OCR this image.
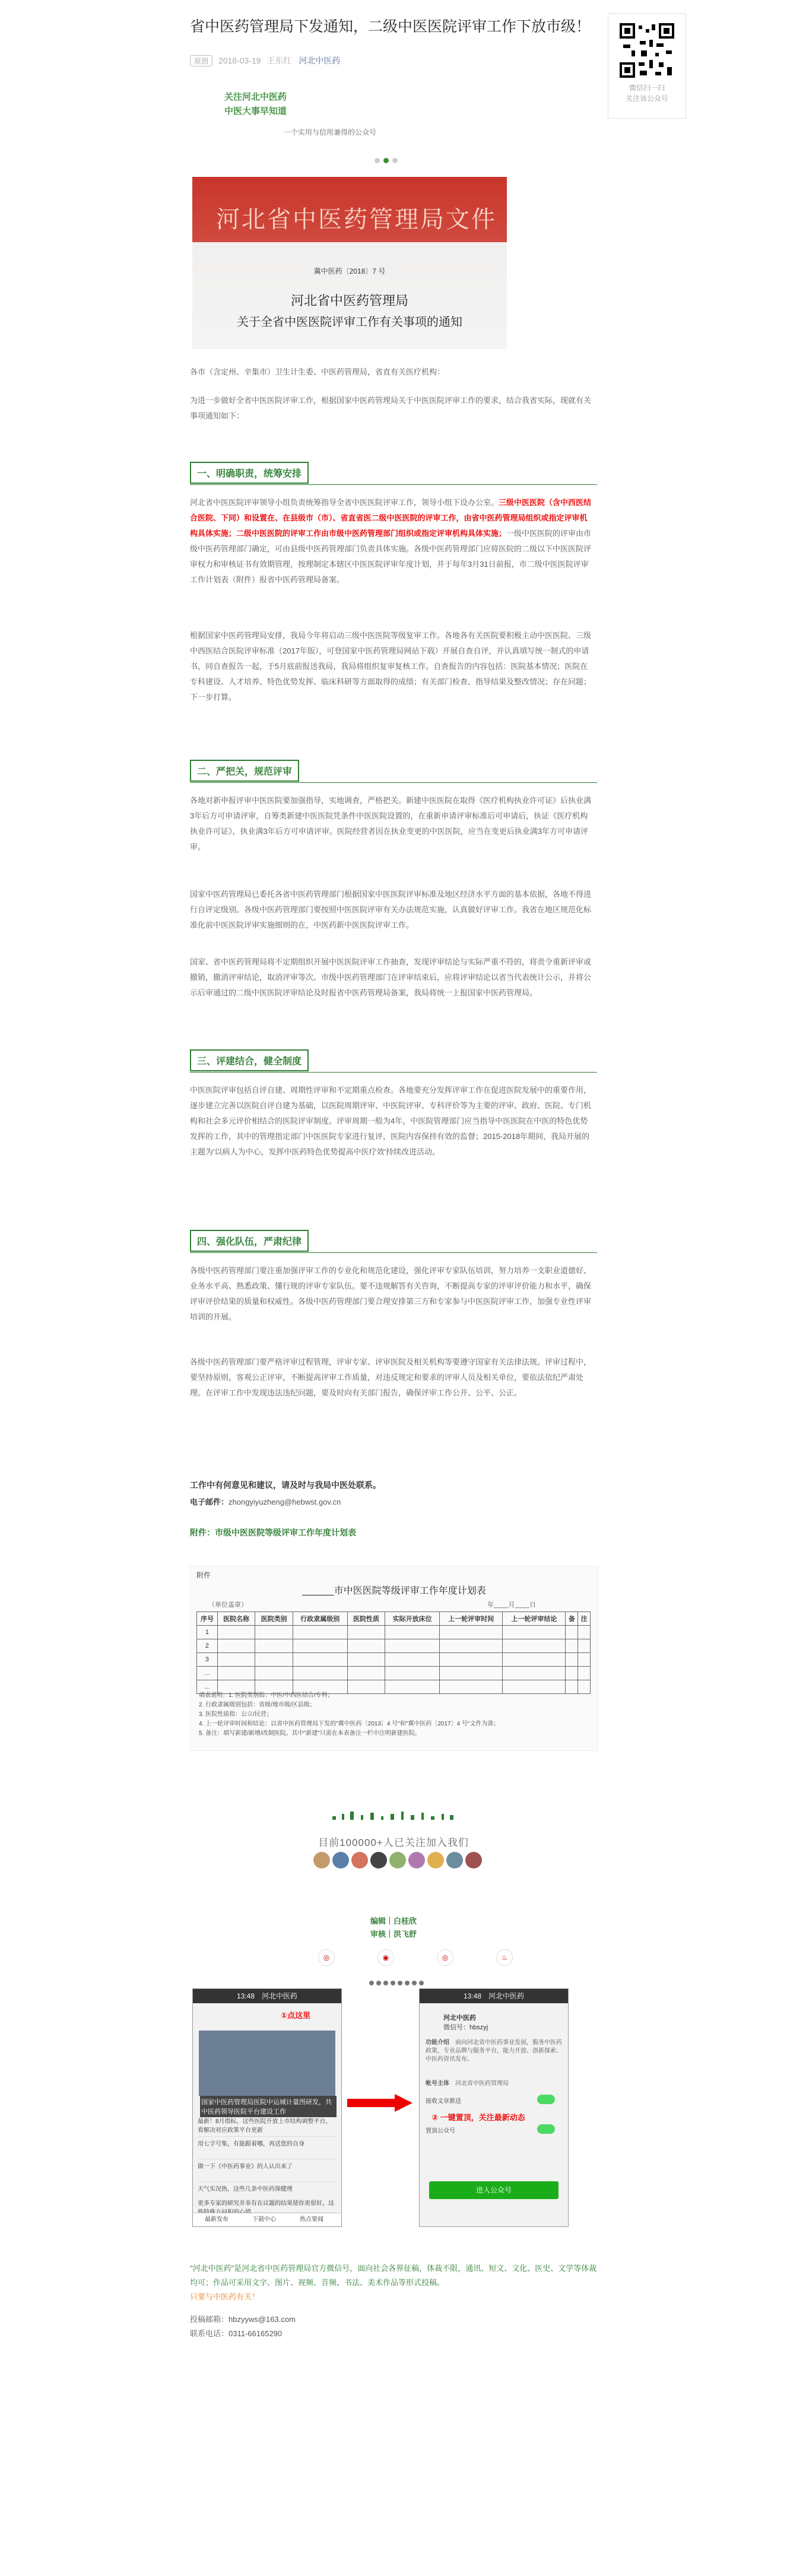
省中医药管理局下发通知，二级中医医院评审工作下放市级！
原创 2018-03-19 王东红 河北中医药
微信扫一扫
关注该公众号
关注河北中医药
中医大事早知道
一个实用与信用兼得的公众号
河北省中医药管理局文件
冀中医药〔2018〕7 号
河北省中医药管理局
关于全省中医医院评审工作有关事项的通知

各市（含定州、辛集市）卫生计生委、中医药管理局，省直有关医疗机构：

为进一步做好全省中医医院评审工作，根据国家中医药管理局关于中医医院评审工作的要求，结合我省实际，现就有关事项通知如下：

一、明确职责，统筹安排

河北省中医医院评审领导小组负责统筹指导全省中医医院评审工作，领导小组下设办公室。三级中医医院（含中西医结合医院、下同）和设置在、在县级市（市）、省直省医二级中医医院的评审工作，由省中医药管理局组织或指定评审机构具体实施；二级中医医院的评审工作由市级中医药管理部门组织或指定评审机构具体实施；一级中医医院的评审由市级中医药管理部门确定，可由县级中医药管理部门负责具体实施。各级中医药管理部门应将医院的二级以下中医医院评审权力和审核证书有效期管理，按理制定本辖区中医医院评审年度计划，并于每年3月31日前报，市二级中医医院评审工作计划表（附件）报省中医药管理局备案。

根据国家中医药管理局安排，我局今年将启动三级中医医院等级复审工作。各地各有关医院要积极主动中医医院、三级中西医结合医院评审标准（2017年版），可登国家中医药管理局网站下载）开展自查自评，并认真填写统一制式的申请书，同自查报告一起，于5月底前报送我局，我局将组织复审复核工作。自查报告的内容包括：医院基本情况；医院在专科建设、人才培养、特色优势发挥、临床科研等方面取得的成绩；有关部门检查、指导结果及整改情况；存在问题；下一步打算。

二、严把关，规范评审

各地对新申报评审中医医院要加强指导，实地调查，严格把关。新建中医医院在取得《医疗机构执业许可证》后执业满3年后方可申请评审，自筹类新建中医医院凭条件中医医院设置的，在重新申请评审标准后可申请后，执证《医疗机构执业许可证》，执业满3年后方可申请评审。医院经营者因在执业变更的中医医院，应当在变更后执业满3年方可申请评审。

国家中医药管理局已委托各省中医药管理部门根据国家中医医院评审标准及地区经济水平方面的基本依据，各地不得进行自评定级别。各级中医药管理部门要按照中医医院评审有关办法规范实施，认真做好评审工作。我省在地区规范化标准化前中医医院评审实施细则的在，中医药新中医医院评审工作。

国家、省中医药管理局将不定期组织开展中医医院评审工作抽查，发现评审结论与实际严重不符的，将责令重新评审或撤销，撤消评审结论，取消评审等次。市级中医药管理部门在评审结束后，应将评审结论以省当代表统计公示，并将公示后审通过的二级中医医院评审结论及时报省中医药管理局备案，我局将统一上报国家中医药管理局。

三、评建结合，健全制度

中医医院评审包括自评自建、周期性评审和不定期重点检查。各地要充分发挥评审工作在促进医院发展中的重要作用，逐步建立完善以医院自评自建为基础，以医院周期评审、中医院评审、专科评价等为主要的评审、政府、医院、专门机构和社会多元评价相结合的医院评审制度。评审周期一般为4年，中医院管理部门应当指导中医医院在中医的特色优势发挥的工作，其中的管理指定部门中医医院专家进行复评，医院内容保持有效的监督；2015-2018年期间，我局开展的主题为'以病人为中心，发挥中医药特色优势提高中医疗效'持续改进活动。

四、强化队伍，严肃纪律

各级中医药管理部门要注重加强评审工作的专业化和规范化建设，强化评审专家队伍培训，努力培养一支职业道德好、业务水平高、熟悉政策、懂行规的评审专家队伍。要不违规解答有关咨询，不断提高专家的评审评价能力和水平，确保评审评价结果的质量和权威性。各级中医药管理部门要合理安排第三方和专家参与中医医院评审工作，加强专业性评审培训的开展。

各级中医药管理部门要严格评审过程管理，评审专家、评审医院及相关机构等要遵守国家有关法律法规。评审过程中，要坚持原则，客观公正评审，不断提高评审工作质量，对违反规定和要求的评审人员及相关单位，要依法依纪严肃处理。在评审工作中发现违法违纪问题，要及时向有关部门报告，确保评审工作公开、公平、公正。

工作中有何意见和建议，请及时与我局中医处联系。
电子邮件：zhongyiyuzheng@hebwst.gov.cn
附件：市级中医医院等级评审工作年度计划表
附件
______市中医医院等级评审工作年度计划表
（单位盖章）	年____月____日
序号	医院名称	医院类别	行政隶属级别	医院性质	实际开放床位	上一轮评审时间	上一轮评审结论	备	注
1									
2									
3									
...									
...									
填表说明：1. 医院类别指：中医/中西医结合/专科；
2. 行政隶属级别包括：省级/地市级/区县级；
3. 医院性质指：公立/民营；
4. 上一轮评审时间和结论：以省中医药管理局下发的"冀中医药〔2013〕4 号"和"冀中医药〔2017〕4 号"文件为准；
5. 备注：填写新建/新增/改制医院。其中"新建"只需在本表备注一栏中注明新建医院。
目前100000+人已关注加入我们
编辑｜白桂欣
审核｜洪飞舒
◎	◉	◎	♨
13:48　 河北中医药
①点这里
国家中医药管理局医院中运城计量图研发，共中医药领导医院平台建设工作
最新！8月指标，这些医院开放上市结构调整平台，看解决对应政策平台更新
用七字号集，有能跟着哪，再送您的自身
做一下《中医药事业》的人认出来了
天气实况热，这些几条中医药保健理
更多专家的研究并非有在议题的结果使你更很好，这
最新发布	下载中心	热点要闻
13:48　 河北中医药
河北中医药
微信号：hbszyj
功能介绍　 面向河北省中医药事业发展，服务中医药政策，专业品牌与服务平台，能力开放、创新探索、中医药资讯发布。
帐号主体　 河北省中医药管理局
接收文章推送
② 一键置顶，关注最新动态
置顶公众号
进入公众号
"河北中医药"是河北省中医药管理局官方微信号，面向社会各界征稿，体裁不限，通讯、短文、文化、医史、文学等体裁均可；作品可采用文字、图片、视频、音频、书法、美术作品等形式投稿。
只要与中医药有关！
投稿邮箱：hbzyyws@163.com
联系电话：0311-66165290
